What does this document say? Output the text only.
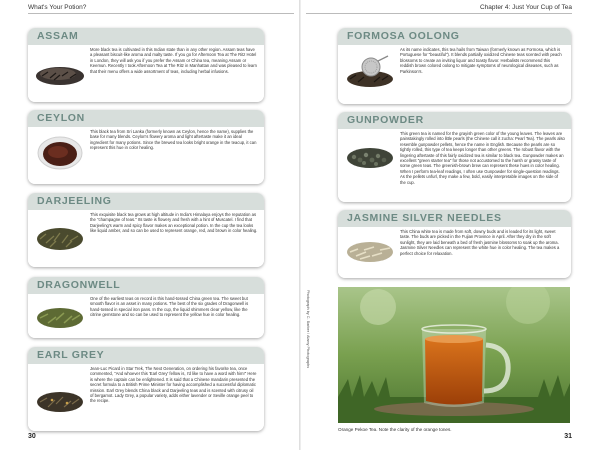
What's Your Potion?
ASSAM
More black tea is cultivated in this Indian state than in any other region. Assam teas have a pleasant biscuit-like aroma and malty taste. If you go for Afternoon Tea at The Ritz Hotel in London, they will ask you if you prefer the Assam or China tea, meaning Assam or Keemun. Recently I took Afternoon Tea at The Ritz in Manhattan and was pleased to learn that their menu offers a wide assortment of teas, including herbal infusions.
CEYLON
This black tea from Sri Lanka (formerly known as Ceylon, hence the name), supplies the base for many blends. Ceylon's flowery aroma and light aftertaste make it an ideal ingredient for many potions. Since the brewed tea looks bright orange in the teacup, it can represent this hue in color healing.
DARJEELING
This exquisite black tea grows at high altitude in India's Himalaya enjoys the reputation as the "champagne of teas." Its taste is flowery and fresh with a hint of Muscatel. I find that Darjeeling's warm and spicy flavor makes an exceptional potion. In the cup the tea looks like liquid amber, and so can be used to represent orange, red, and brown in color healing.
DRAGONWELL
One of the earliest teas on record is this hand-tossed China green tea. The sweet but smooth flavor is an asset in many potions. The best of the six grades of Dragonwell is hand-tossed in special iron pans. In the cup, the liquid shimmers clear yellow, like the citrine gemstone and so can be used to represent the yellow hue in color healing.
EARL GREY
Jean-Luc Picard in Star Trek, The Next Generation, on ordering his favorite tea, once commented, "And whoever this 'Earl Grey' fellow is, I'd like to have a word with him!" Here is where the captain can be enlightened. It is said that a Chinese mandarin presented the secret formula to a British Prime Minister for having accomplished a successful diplomatic mission. Earl Grey blends China black and Darjeeling teas and is scented with citrusy oil of bergamot. Lady Grey, a popular variety, adds either lavender or Seville orange peel to the recipe.
30
Chapter 4: Just Your Cup of Tea
FORMOSA OOLONG
As its name indicates, this tea hails from Taiwan (formerly known as Formosa, which is Portuguese for "beautiful"). It blends partially oxidized Chinese teas scented with peach blossoms to create an inviting liquor and toasty flavor. Herbalists recommend this reddish brown colored oolong to mitigate symptoms of neurological diseases, such as Parkinson's.
GUNPOWDER
This green tea is named for the grayish green color of the young leaves. The leaves are painstakingly rolled into little pearls (the Chinese call it zucha: Pearl Tea). The pearls also resemble gunpowder pellets, hence the name in English. Because the pearls are so tightly rolled, this type of tea keeps longer than other greens. The robust flavor with the lingering aftertaste of this fairly oxidized tea is similar to black tea. Gunpowder makes an excellent "green starter tea" for those not accustomed to the harsh or grassy taste of some green teas. The greenish-brown brew can represent these hues in color healing. When I perform tea-leaf readings, I often use Gunpowder for single-question readings. As the pellets unfurl, they make a few, bold, easily interpretable images on the side of the cup.
JASMINE SILVER NEEDLES
This China white tea is made from soft, downy buds and is leaded for its light, sweet taste. The buds are picked in the Fujian Province in April. After they dry in the soft sunlight, they are laid beneath a bed of fresh jasmine blossoms to soak up the aroma. Jasmine Silver Needles can represent the white hue in color healing. The tea makes a perfect choice for relaxation.
31
Photograph by C. Barber / Alamy Photographs
Orange Pekoe Tea. Note the clarity of the orange tones.
